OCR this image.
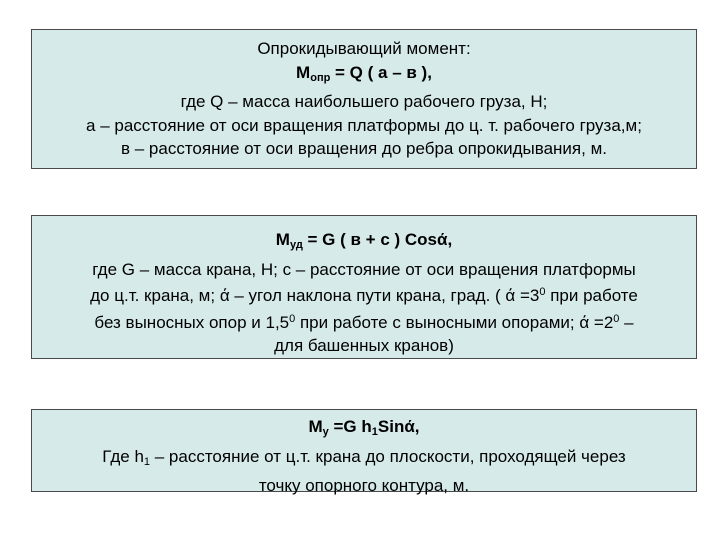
Опрокидывающий момент:
$M_{опр} = Q$ ( а – в ),
где Q – масса наибольшего рабочего груза, Н;
а – расстояние от оси вращения платформы до ц. т. рабочего груза,м;
в – расстояние от оси вращения до ребра опрокидывания, м.
$M_{уд} = G$ ( в + с ) Cosά,
где G – масса крана, Н; с – расстояние от оси вращения платформы
до ц.т. крана, м; ά – угол наклона пути крана, град. ( $ά =3^0$ при работе
без выносных опор и $1,5^0$ при работе с выносными опорами; $ά =2^0$ –
для башенных кранов)
$M_у =G$ $h_1Sinά$,
Где $h_1$ – расстояние от ц.т. крана до плоскости, проходящей через
точку опорного контура, м.
